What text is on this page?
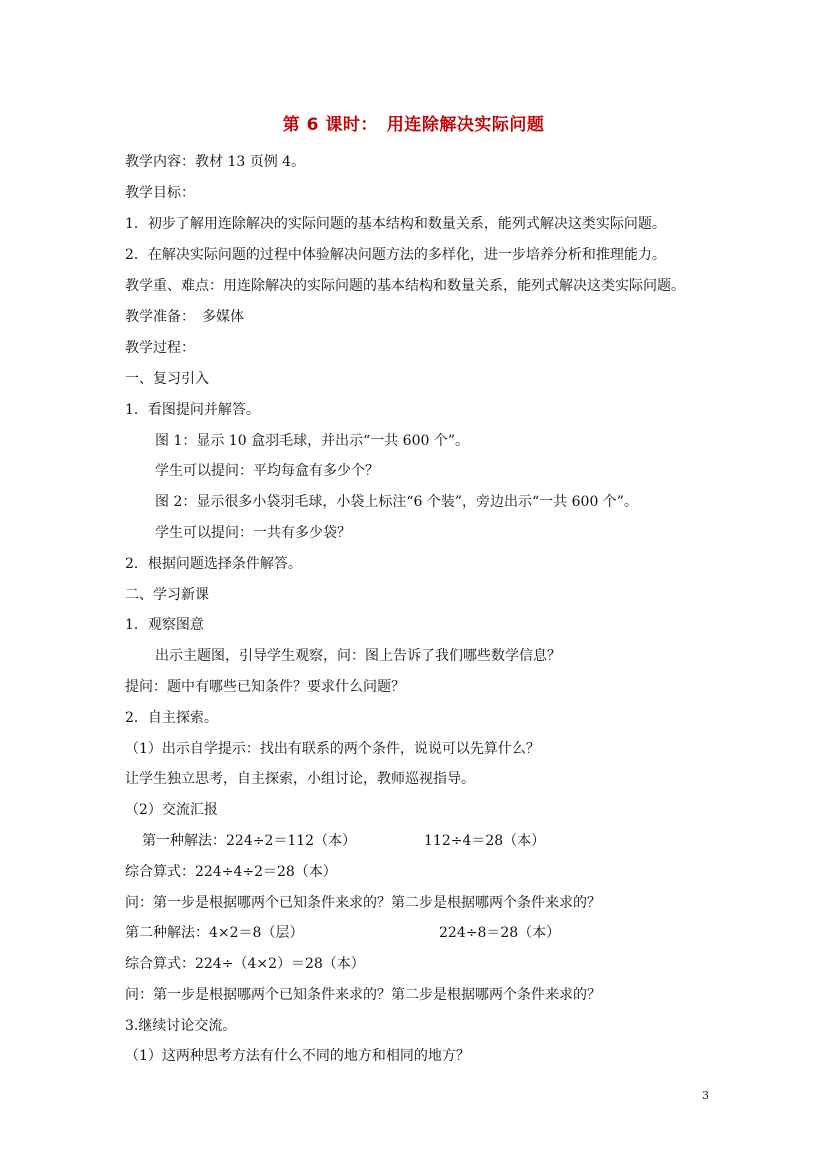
第 6 课时：　用连除解决实际问题
教学内容：教材 13 页例 4。
教学目标：
1．初步了解用连除解决的实际问题的基本结构和数量关系，能列式解决这类实际问题。
2．在解决实际问题的过程中体验解决问题方法的多样化，进一步培养分析和推理能力。
教学重、难点：用连除解决的实际问题的基本结构和数量关系，能列式解决这类实际问题。
教学准备：　多媒体
教学过程：
一、复习引入
1．看图提问并解答。
图 1：显示 10 盒羽毛球，并出示“一共 600 个”。
学生可以提问：平均每盒有多少个？
图 2：显示很多小袋羽毛球，小袋上标注“6 个装”，旁边出示“一共 600 个”。
学生可以提问：一共有多少袋？
2．根据问题选择条件解答。
二、学习新课
1．观察图意
出示主题图，引导学生观察，问：图上告诉了我们哪些数学信息？
提问：题中有哪些已知条件？要求什么问题？
2．自主探索。
（1）出示自学提示：找出有联系的两个条件，说说可以先算什么？
让学生独立思考，自主探索，小组讨论，教师巡视指导。
（2）交流汇报
第一种解法：224÷2＝112（本）	112÷4＝28（本）
综合算式：224÷4÷2＝28（本）
问：第一步是根据哪两个已知条件来求的？第二步是根据哪两个条件来求的？
第二种解法：4×2＝8（层）	224÷8＝28（本）
综合算式：224÷（4×2）＝28（本）
问：第一步是根据哪两个已知条件来求的？第二步是根据哪两个条件来求的？
3.继续讨论交流。
（1）这两种思考方法有什么不同的地方和相同的地方？
3
